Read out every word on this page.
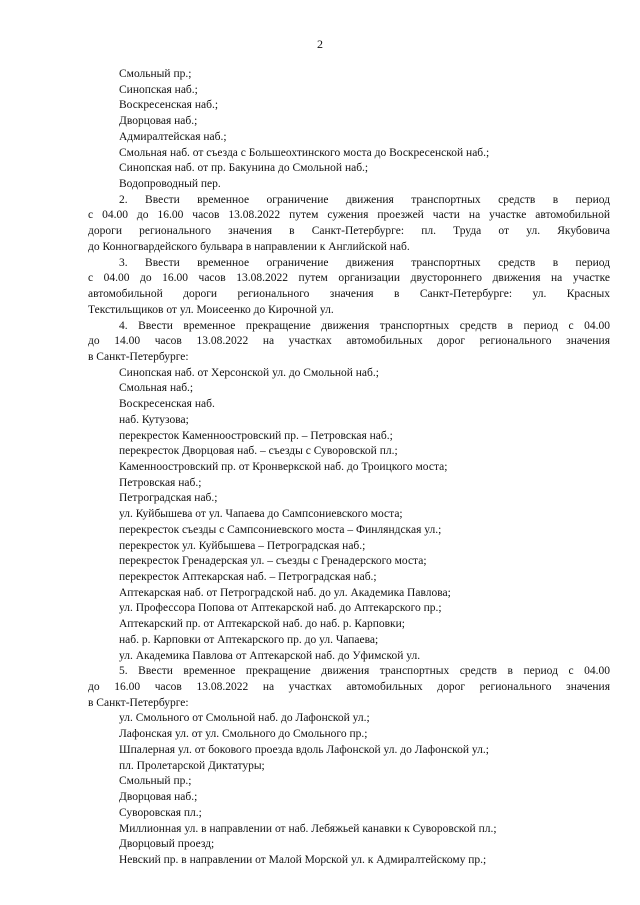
2
Смольный пр.;
Синопская наб.;
Воскресенская наб.;
Дворцовая наб.;
Адмиралтейская наб.;
Смольная наб. от съезда с Большеохтинского моста до Воскресенской наб.;
Синопская наб. от пр. Бакунина до Смольной наб.;
Водопроводный пер.
2. Ввести временное ограничение движения транспортных средств в период
с 04.00 до 16.00 часов 13.08.2022 путем сужения проезжей части на участке автомобильной
дороги регионального значения в Санкт-Петербурге: пл. Труда от ул. Якубовича
до Конногвардейского бульвара в направлении к Английской наб.
3. Ввести временное ограничение движения транспортных средств в период
с 04.00 до 16.00 часов 13.08.2022 путем организации двустороннего движения на участке
автомобильной дороги регионального значения в Санкт-Петербурге: ул. Красных
Текстильщиков от ул. Моисеенко до Кирочной ул.
4. Ввести временное прекращение движения транспортных средств в период с 04.00
до 14.00 часов 13.08.2022 на участках автомобильных дорог регионального значения
в Санкт-Петербурге:
Синопская наб. от Херсонской ул. до Смольной наб.;
Смольная наб.;
Воскресенская наб.
наб. Кутузова;
перекресток Каменноостровский пр. – Петровская наб.;
перекресток Дворцовая наб. – съезды с Суворовской пл.;
Каменноостровский пр. от Кронверкской наб. до Троицкого моста;
Петровская наб.;
Петроградская наб.;
ул. Куйбышева от ул. Чапаева до Сампсониевского моста;
перекресток съезды с Сампсониевского моста – Финляндская ул.;
перекресток ул. Куйбышева – Петроградская наб.;
перекресток Гренадерская ул. – съезды с Гренадерского моста;
перекресток Аптекарская наб. – Петроградская наб.;
Аптекарская наб. от Петроградской наб. до ул. Академика Павлова;
ул. Профессора Попова от Аптекарской наб. до Аптекарского пр.;
Аптекарский пр. от Аптекарской наб. до наб. р. Карповки;
наб. р. Карповки от Аптекарского пр. до ул. Чапаева;
ул. Академика Павлова от Аптекарской наб. до Уфимской ул.
5. Ввести временное прекращение движения транспортных средств в период с 04.00
до 16.00 часов 13.08.2022 на участках автомобильных дорог регионального значения
в Санкт-Петербурге:
ул. Смольного от Смольной наб. до Лафонской ул.;
Лафонская ул. от ул. Смольного до Смольного пр.;
Шпалерная ул. от бокового проезда вдоль Лафонской ул. до Лафонской ул.;
пл. Пролетарской Диктатуры;
Смольный пр.;
Дворцовая наб.;
Суворовская пл.;
Миллионная ул. в направлении от наб. Лебяжьей канавки к Суворовской пл.;
Дворцовый проезд;
Невский пр. в направлении от Малой Морской ул. к Адмиралтейскому пр.;
